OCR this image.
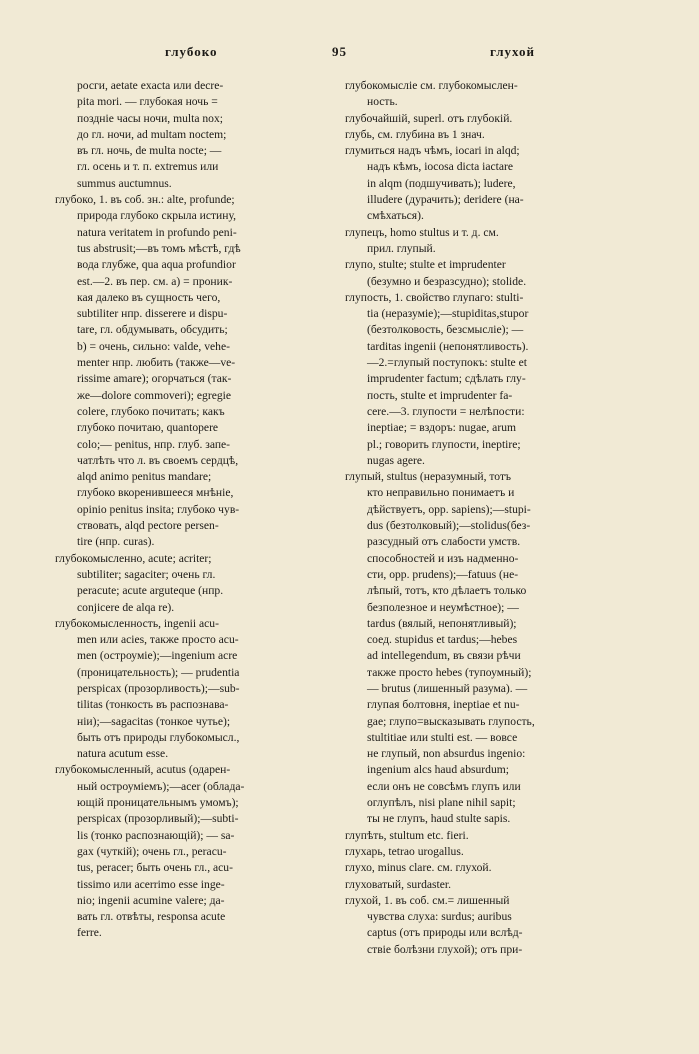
глубоко	95	глухой
росги, aetate exacta или decre-
pita mori. — глубокая ночь =
позднiе часы ночи, multa nox;
до гл. ночи, ad multam noctem;
въ гл. ночь, de multa nocte; —
гл. осень и т. п. extremus или
summus auctumnus.
глубоко, 1. въ соб. зн.: alte, profunde;
природа глубоко скрыла истину,
natura veritatem in profundo peni-
tus abstrusit;—въ томъ мѣстѣ, гдѣ
вода глубже, qua aqua profundior
est.—2. въ пер. см. a) = проник-
кая далеко въ сущность чего,
subtiliter нпр. disserere и dispu-
tare, гл. обдумывать, обсудить;
b) = очень, сильно: valde, vehe-
menter нпр. любить (также—ve-
rissime amare); огорчаться (так-
же—dolore commoveri); egregie
colere, глубоко почитать; какъ
глубоко почитаю, quantopere
colo;— penitus, нпр. глуб. запе-
чатлѣть что л. въ своемъ сердцѣ,
alqd animo penitus mandare;
глубоко вкоренившееся мнѣнiе,
opinio penitus insita; глубоко чув-
ствовать, alqd pectore persen-
tire (нпр. curas).
глубокомысленно, acute; acriter;
subtiliter; sagaciter; очень гл.
peracute; acute argutequе (нпр.
conjicere de alqa re).
глубокомысленность, ingenii acu-
men или acies, также просто acu-
men (остроумiе);—ingenium acre
(проницательность); — prudentia
perspicax (прозорливость);—sub-
tilitas (тонкость въ распознава-
нiи);—sagacitas (тонкое чутье);
быть отъ природы глубокомысл.,
natura acutum esse.
глубокомысленный, acutus (одарен-
ный остроумiемъ);—acer (облада-
ющiй проницательнымъ умомъ);
perspicax (прозорливый);—subti-
lis (тонко распознающiй); — sa-
gax (чуткiй); очень гл., peracu-
tus, peracer; быть очень гл., acu-
tissimo или acerrimo esse inge-
nio; ingenii acumine valere; да-
вать гл. отвѣты, responsa acute
ferre.
глубокомыслiе см. глубокомыслен-
ность.
глубочайшiй, superl. отъ глубокiй.
глубь, см. глубина въ 1 знач.
глумиться надъ чѣмъ, iocari in alqd;
надъ кѣмъ, iocosa dicta iactare
in alqm (подшучивать); ludere,
illudere (дурачить); deridere (на-
смѣхаться).
глупецъ, homo stultus и т. д. см.
прил. глупый.
глупо, stulte; stulte et imprudenter
(безумно и безразсудно); stolide.
глупость, 1. свойство глупаго: stulti-
tia (неразумiе);—stupiditas,stupor
(безтолковость, безсмыслiе); —
tarditas ingenii (непонятливость).
—2.=глупый поступокъ: stulte et
imprudenter factum; сдѣлать глу-
пость, stulte et imprudenter fa-
cere.—3. глупости = нелѣпости:
ineptiae; = вздоръ: nugae, arum
pl.; говорить глупости, ineptire;
nugas agere.
глупый, stultus (неразумный, тотъ
кто неправильно понимаетъ и
дѣйствуетъ, opp. sapiens);—stupi-
dus (безтолковый);—stolidus(без-
разсудный отъ слабости умств.
способностей и изъ надменно-
сти, opp. prudens);—fatuus (не-
лѣпый, тотъ, кто дѣлаетъ только
безполезное и неумѣстное); —
tardus (вялый, непонятливый);
соед. stupidus et tardus;—hebes
ad intellegendum, въ связи рѣчи
также просто hebes (тупоумный);
— brutus (лишенный разума). —
глупая болтовня, ineptiae et nu-
gae; глупо=высказывать глупость,
stultitiae или stulti est. — вовсе
не глупый, non absurdus ingenio:
ingenium alcs haud absurdum;
если онъ не совсѣмъ глупъ или
оглупѣлъ, nisi plane nihil sapit;
ты не глупъ, haud stulte sapis.
глупѣть, stultum etc. fieri.
глухарь, tetrao urogallus.
глухо, minus clare. см. глухой.
глуховатый, surdaster.
глухой, 1. въ соб. см.= лишенный
чувства слуха: surdus; auribus
captus (отъ природы или вслѣд-
ствiе болѣзни глухой); отъ при-
